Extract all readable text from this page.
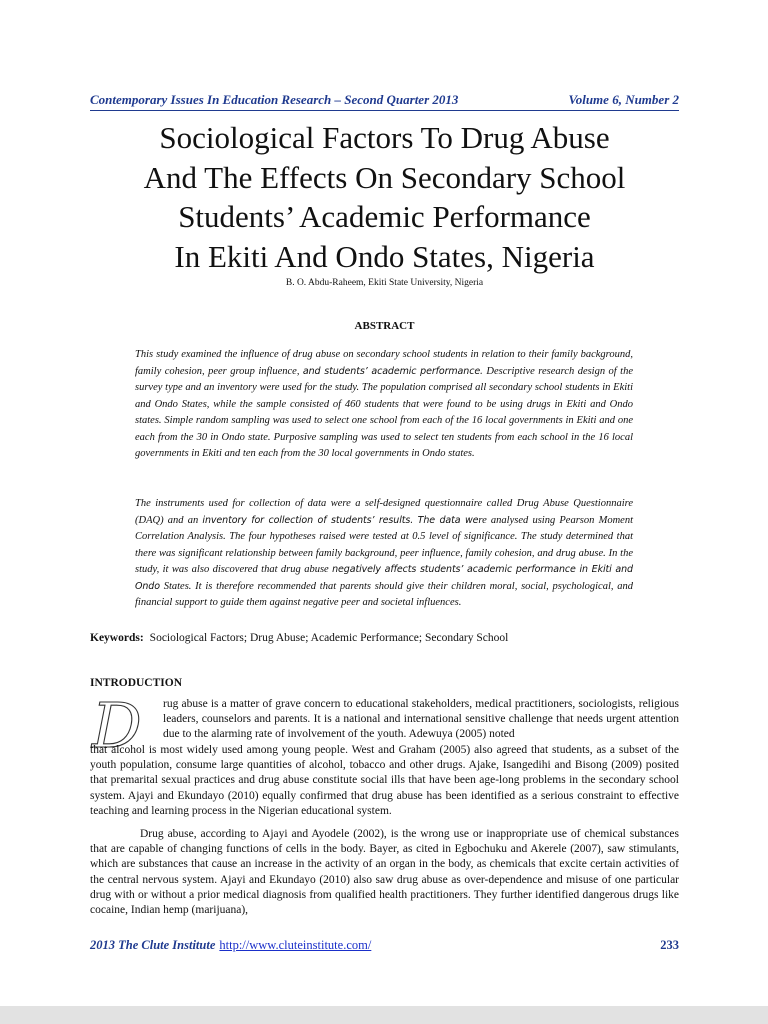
Contemporary Issues In Education Research – Second Quarter 2013	Volume 6, Number 2
Sociological Factors To Drug Abuse
And The Effects On Secondary School
Students’ Academic Performance
In Ekiti And Ondo States, Nigeria
B. O. Abdu-Raheem, Ekiti State University, Nigeria
ABSTRACT
This study examined the influence of drug abuse on secondary school students in relation to their family background, family cohesion, peer group influence, and students’ academic performance. Descriptive research design of the survey type and an inventory were used for the study. The population comprised all secondary school students in Ekiti and Ondo States, while the sample consisted of 460 students that were found to be using drugs in Ekiti and Ondo states. Simple random sampling was used to select one school from each of the 16 local governments in Ekiti and one each from the 30 in Ondo state. Purposive sampling was used to select ten students from each school in the 16 local governments in Ekiti and ten each from the 30 local governments in Ondo states.
The instruments used for collection of data were a self-designed questionnaire called Drug Abuse Questionnaire (DAQ) and an inventory for collection of students’ results. The data were analysed using Pearson Moment Correlation Analysis. The four hypotheses raised were tested at 0.5 level of significance. The study determined that there was significant relationship between family background, peer influence, family cohesion, and drug abuse. In the study, it was also discovered that drug abuse negatively affects students’ academic performance in Ekiti and Ondo States. It is therefore recommended that parents should give their children moral, social, psychological, and financial support to guide them against negative peer and societal influences.
Keywords: Sociological Factors; Drug Abuse; Academic Performance; Secondary School
INTRODUCTION
D rug abuse is a matter of grave concern to educational stakeholders, medical practitioners, sociologists, religious leaders, counselors and parents. It is a national and international sensitive challenge that needs urgent attention due to the alarming rate of involvement of the youth. Adewuya (2005) noted
that alcohol is most widely used among young people. West and Graham (2005) also agreed that students, as a subset of the youth population, consume large quantities of alcohol, tobacco and other drugs. Ajake, Isangedihi and Bisong (2009) posited that premarital sexual practices and drug abuse constitute social ills that have been age-long problems in the secondary school system. Ajayi and Ekundayo (2010) equally confirmed that drug abuse has been identified as a serious constraint to effective teaching and learning process in the Nigerian educational system.
Drug abuse, according to Ajayi and Ayodele (2002), is the wrong use or inappropriate use of chemical substances that are capable of changing functions of cells in the body. Bayer, as cited in Egbochuku and Akerele (2007), saw stimulants, which are substances that cause an increase in the activity of an organ in the body, as chemicals that excite certain activities of the central nervous system. Ajayi and Ekundayo (2010) also saw drug abuse as over-dependence and misuse of one particular drug with or without a prior medical diagnosis from qualified health practitioners. They further identified dangerous drugs like cocaine, Indian hemp (marijuana),
2013 The Clute Institute http://www.cluteinstitute.com/	233
